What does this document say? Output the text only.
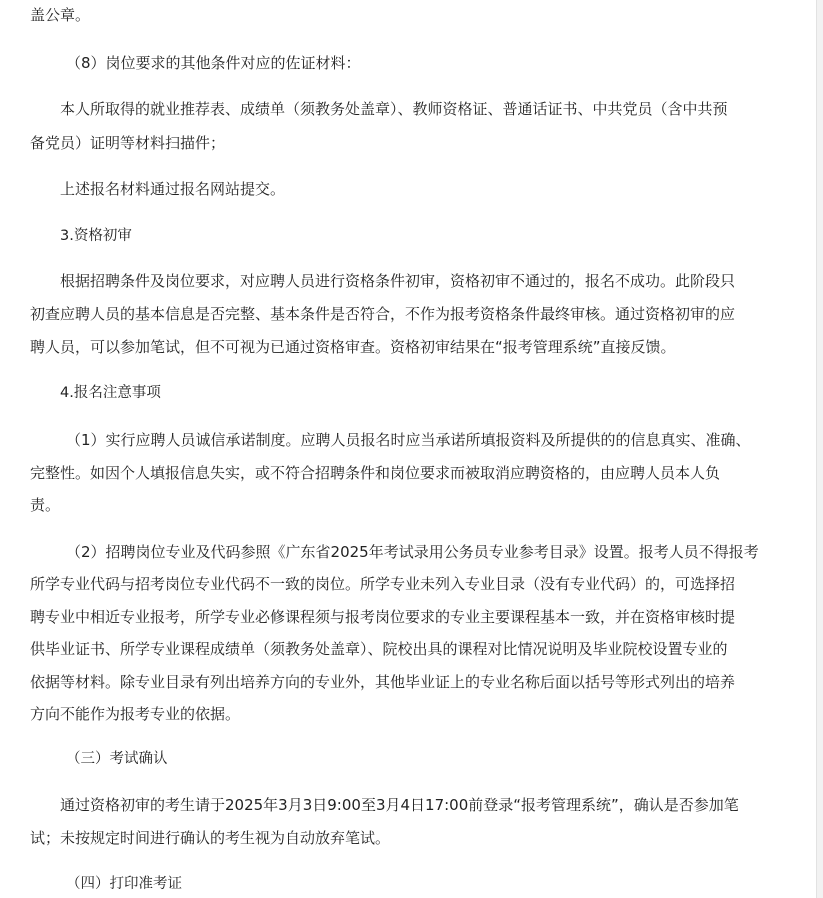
盖公章。
（8）岗位要求的其他条件对应的佐证材料：
本人所取得的就业推荐表、成绩单（须教务处盖章）、教师资格证、普通话证书、中共党员（含中共预
备党员）证明等材料扫描件；
上述报名材料通过报名网站提交。
3.资格初审
根据招聘条件及岗位要求，对应聘人员进行资格条件初审，资格初审不通过的，报名不成功。此阶段只
初查应聘人员的基本信息是否完整、基本条件是否符合，不作为报考资格条件最终审核。通过资格初审的应
聘人员，可以参加笔试，但不可视为已通过资格审查。资格初审结果在“报考管理系统”直接反馈。
4.报名注意事项
（1）实行应聘人员诚信承诺制度。应聘人员报名时应当承诺所填报资料及所提供的的信息真实、准确、
完整性。如因个人填报信息失实，或不符合招聘条件和岗位要求而被取消应聘资格的，由应聘人员本人负
责。
（2）招聘岗位专业及代码参照《广东省2025年考试录用公务员专业参考目录》设置。报考人员不得报考
所学专业代码与招考岗位专业代码不一致的岗位。所学专业未列入专业目录（没有专业代码）的，可选择招
聘专业中相近专业报考，所学专业必修课程须与报考岗位要求的专业主要课程基本一致，并在资格审核时提
供毕业证书、所学专业课程成绩单（须教务处盖章）、院校出具的课程对比情况说明及毕业院校设置专业的
依据等材料。除专业目录有列出培养方向的专业外，其他毕业证上的专业名称后面以括号等形式列出的培养
方向不能作为报考专业的依据。
（三）考试确认
通过资格初审的考生请于2025年3月3日9:00至3月4日17:00前登录“报考管理系统”，确认是否参加笔
试；未按规定时间进行确认的考生视为自动放弃笔试。
（四）打印准考证
